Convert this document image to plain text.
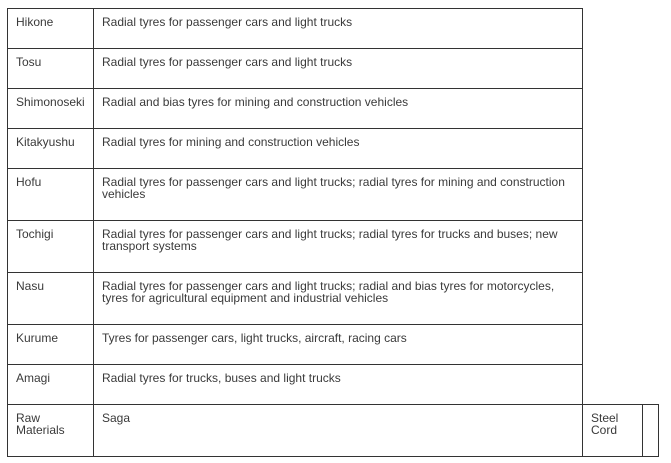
Hikone	Radial tyres for passenger cars and light trucks		
Tosu	Radial tyres for passenger cars and light trucks		
Shimonoseki	Radial and bias tyres for mining and construction vehicles		
Kitakyushu	Radial tyres for mining and construction vehicles		
Hofu	Radial tyres for passenger cars and light trucks; radial tyres for mining and construction vehicles		
Tochigi	Radial tyres for passenger cars and light trucks; radial tyres for trucks and buses; new transport systems		
Nasu	Radial tyres for passenger cars and light trucks; radial and bias tyres for motorcycles, tyres for agricultural equipment and industrial vehicles		
Kurume	Tyres for passenger cars, light trucks, aircraft, racing cars		
Amagi	Radial tyres for trucks, buses and light trucks		
Raw Materials	Saga	Steel Cord	
